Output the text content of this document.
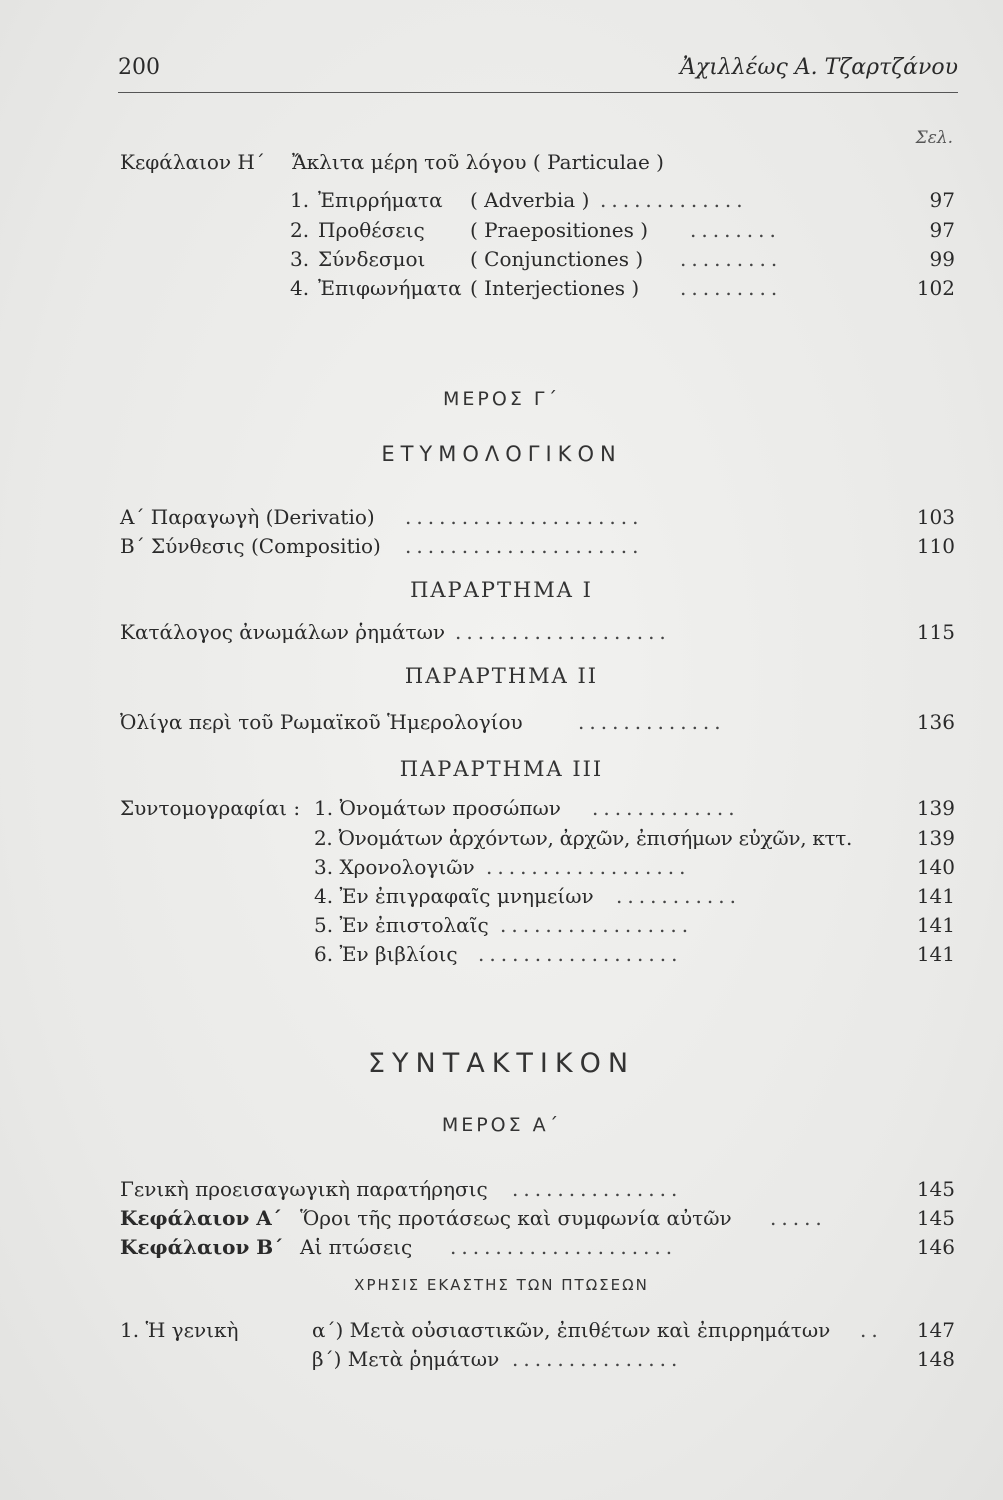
200	Ἀχιλλέως Α. Τζαρτζάνου
Σελ.
Κεφάλαιον Η΄ Ἄκλιτα μέρη τοῦ λόγου ( Particulae )
1. Ἐπιρρήματα ( Adverbia ) .............	97
2. Προθέσεις ( Praepositiones ) ........	97
3. Σύνδεσμοι ( Conjunctiones ) .........	99
4. Ἐπιφωνήματα ( Interjectiones ) .........	102
ΜΕΡΟΣ Γ΄
ΕΤΥΜΟΛΟΓΙΚΟΝ
Α΄ Παραγωγὴ (Derivatio) .....................	103
Β΄ Σύνθεσις (Compositio) .....................	110
ΠΑΡΑΡΤΗΜΑ Ι
Κατάλογος ἀνωμάλων ῥημάτων ...................	115
ΠΑΡΑΡΤΗΜΑ ΙΙ
Ὀλίγα περὶ τοῦ Ρωμαϊκοῦ Ἡμερολογίου	.............	136
ΠΑΡΑΡΤΗΜΑ ΙΙΙ
Συντομογραφίαι : 1. Ὀνομάτων προσώπων .............	139
2. Ὀνομάτων ἀρχόντων, ἀρχῶν, ἐπισήμων εὐχῶν, κττ.	139
3. Χρονολογιῶν ..................	140
4. Ἐν ἐπιγραφαῖς μνημείων ...........	141
5. Ἐν ἐπιστολαῖς .................	141
6. Ἐν βιβλίοις ..................	141
ΣΥΝΤΑΚΤΙΚΟΝ
ΜΕΡΟΣ Α΄
Γενικὴ προεισαγωγικὴ παρατήρησις ...............	145
Κεφάλαιον Α΄ Ὅροι τῆς προτάσεως καὶ συμφωνία αὐτῶν .....	145
Κεφάλαιον Β΄ Αἱ πτώσεις ....................	146
ΧΡΗΣΙΣ ΕΚΑΣΤΗΣ ΤΩΝ ΠΤΩΣΕΩΝ
1. Ἡ γενικὴ	α΄) Μετὰ οὐσιαστικῶν, ἐπιθέτων καὶ ἐπιρρημάτων ..	147
β΄) Μετὰ ῥημάτων ...............	148
